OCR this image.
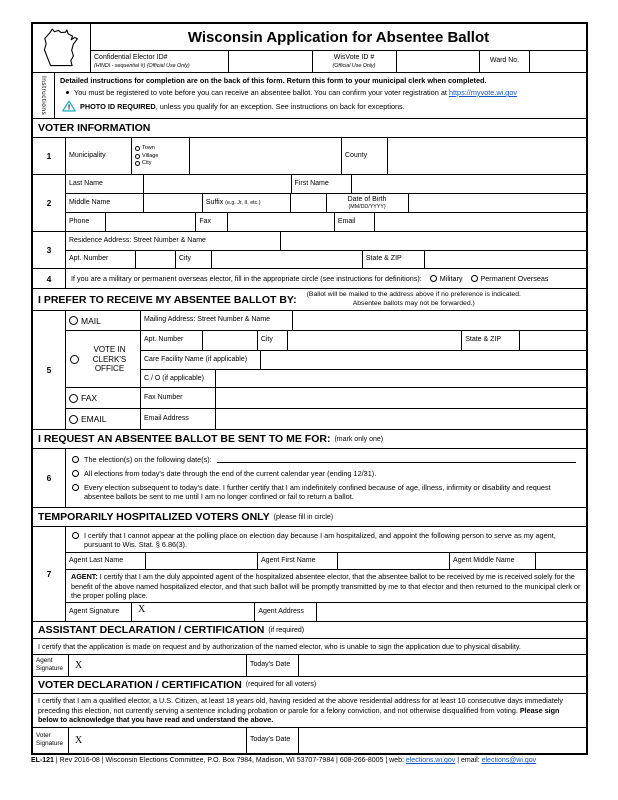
Wisconsin Application for Absentee Ballot
Confidential Elector ID#
(HINDI - sequential #) (Official Use Only)
WisVote ID #
(Official Use Only)
Ward No.
Instructions Detailed instructions for completion are on the back of this form. Return this form to your municipal clerk when completed.
You must be registered to vote before you can receive an absentee ballot. You can confirm your voter registration at https://myvote.wi.gov
! PHOTO ID REQUIRED, unless you qualify for an exception. See instructions on back for exceptions.
VOTER INFORMATION
1	Municipality
Town
Village
City
County
2
Last Name	First Name
Middle Name	Suffix
(e.g. Jr, II, etc.)
Date of Birth
(MM/DD/YYYY)
Phone	Fax	Email
3
Residence Address: Street Number & Name
Apt. Number	City	State & ZIP
4	If you are a military or permanent overseas elector, fill in the appropriate circle (see instructions for definitions):	Military	Permanent Overseas
I PREFER TO RECEIVE MY ABSENTEE BALLOT BY: (Ballot will be mailed to the address above if no preference is indicated.
Absentee ballots may not be forwarded.)
5
MAIL	Mailing Address: Street Number & Name
VOTE IN CLERK'S OFFICE
Apt. Number	City	State & ZIP
Care Facility Name (if applicable)
C / O (if applicable)
FAX	Fax Number
EMAIL	Email Address
I REQUEST AN ABSENTEE BALLOT BE SENT TO ME FOR: (mark only one)
6
The election(s) on the following date(s):
All elections from today's date through the end of the current calendar year (ending 12/31).
Every election subsequent to today's date. I further certify that I am indefinitely confined because of age, illness, infirmity or disability and request absentee ballots be sent to me until I am no longer confined or fail to return a ballot.
TEMPORARILY HOSPITALIZED VOTERS ONLY (please fill in circle)
7
I certify that I cannot appear at the polling place on election day because I am hospitalized, and appoint the following person to serve as my agent, pursuant to Wis. Stat. § 6.86(3).
Agent Last Name	Agent First Name	Agent Middle Name
AGENT: I certify that I am the duly appointed agent of the hospitalized absentee elector, that the absentee ballot to be received by me is received solely for the benefit of the above named hospitalized elector, and that such ballot will be promptly transmitted by me to that elector and then returned to the municipal clerk or the proper polling place.
Agent Signature	X	Agent Address
ASSISTANT DECLARATION / CERTIFICATION (if required)
I certify that the application is made on request and by authorization of the named elector, who is unable to sign the application due to physical disability.
Agent Signature	X	Today's Date
VOTER DECLARATION / CERTIFICATION (required for all voters)
I certify that I am a qualified elector, a U.S. Citizen, at least 18 years old, having resided at the above residential address for at least 10 consecutive days immediately preceding this election, not currently serving a sentence including probation or parole for a felony conviction, and not otherwise disqualified from voting. Please sign below to acknowledge that you have read and understand the above.
Voter Signature	X	Today's Date
EL-121 | Rev 2016-08 | Wisconsin Elections Committee, P.O. Box 7984, Madison, WI 53707-7984 | 608-266-8005 | web: elections.wi.gov | email: elections@wi.gov
